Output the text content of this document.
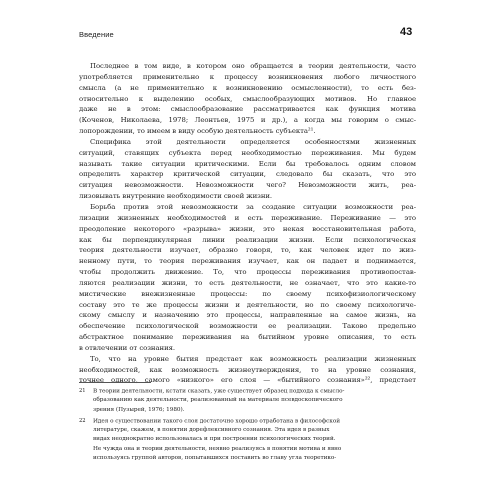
Введение	43
Последнее в том виде, в котором оно обращается в теории деятельности, часто
употребляется применительно к процессу возникновения любого личностного
смысла (а не применительно к возникновению осмысленности), то есть без-
относительно к выделению особых, смыслообразующих мотивов. Но главное
даже не в этом: смыслообразование рассматривается как функция мотива
(Коченов, Николаева, 1978; Леонтьев, 1975 и др.), а когда мы говорим о смыс-
лопорождении, то имеем в виду особую деятельность субъекта²¹.
Специфика этой деятельности определяется особенностями жизненных
ситуаций, ставящих субъекта перед необходимостью переживания. Мы будем
называть такие ситуации критическими. Если бы требовалось одним словом
определить характер критической ситуации, следовало бы сказать, что это
ситуация невозможности. Невозможности чего? Невозможности жить, реа-
лизовывать внутренние необходимости своей жизни.
Борьба против этой невозможности за создание ситуации возможности реа-
лизации жизненных необходимостей и есть переживание. Переживание — это
преодоление некоторого «разрыва» жизни, это некая восстановительная работа,
как бы перпендикулярная линии реализации жизни. Если психологическая
теория деятельности изучает, образно говоря, то, как человек идет по жиз-
ненному пути, то теория переживания изучает, как он падает и поднимается,
чтобы продолжить движение. То, что процессы переживания противопостав-
ляются реализации жизни, то есть деятельности, не означает, что это какие-то
мистические внежизненные процессы: по своему психофизиологическому
составу это те же процессы жизни и деятельности, но по своему психологиче-
скому смыслу и назначению это процессы, направленные на самое жизнь, на
обеспечение психологической возможности ее реализации. Таково предельно
абстрактное понимание переживания на бытийном уровне описания, то есть
в отвлечении от сознания.
То, что на уровне бытия предстает как возможность реализации жизненных
необходимостей, как возможность жизнеутверждения, то на уровне сознания,
точнее одного, самого «низкого» его слоя — «бытийного сознания»²², предстает
21 В теории деятельности, кстати сказать, уже существует образец подхода к смысло-
образованию как деятельности, реализованный на материале псевдоскопического
зрения (Пузырей, 1976; 1980).
22 Идея о существовании такого слоя достаточно хорошо отработана в философской
литературе, скажем, в понятии дорефлексивного сознания. Эта идея в разных
видах неоднократно использовалась и при построении психологических теорий.
Не чужда она и теории деятельности, неявно реализуясь в понятии мотива и явно
используясь группой авторов, попытавшихся поставить во главу угла теоретико-
